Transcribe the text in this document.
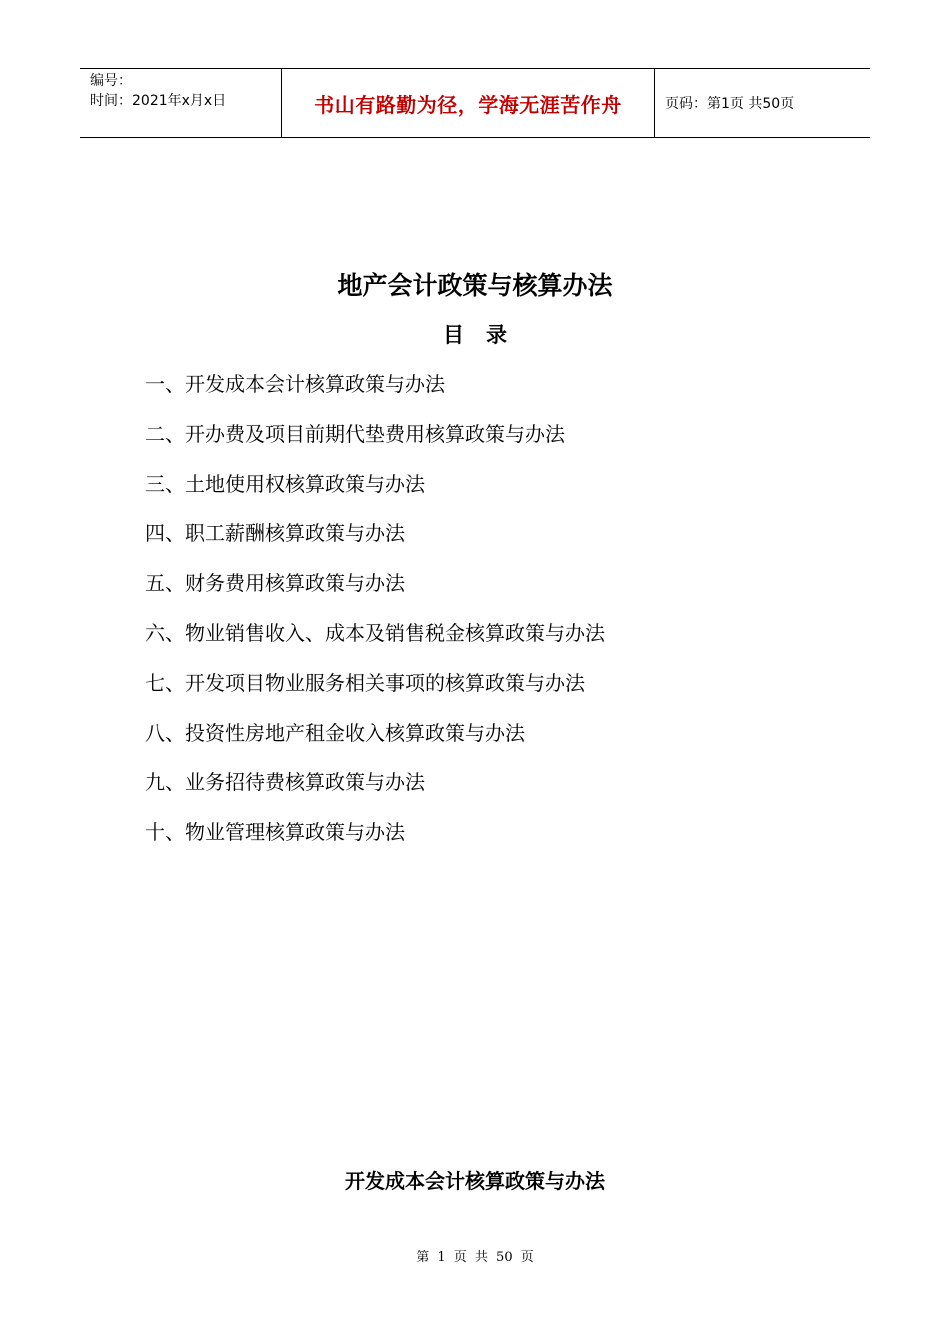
编号：
时间：2021年x月x日	书山有路勤为径，学海无涯苦作舟	页码：第1页 共50页
地产会计政策与核算办法
目录
一、开发成本会计核算政策与办法
二、开办费及项目前期代垫费用核算政策与办法
三、土地使用权核算政策与办法
四、职工薪酬核算政策与办法
五、财务费用核算政策与办法
六、物业销售收入、成本及销售税金核算政策与办法
七、开发项目物业服务相关事项的核算政策与办法
八、投资性房地产租金收入核算政策与办法
九、业务招待费核算政策与办法
十、物业管理核算政策与办法
开发成本会计核算政策与办法
第 1 页 共 50 页
